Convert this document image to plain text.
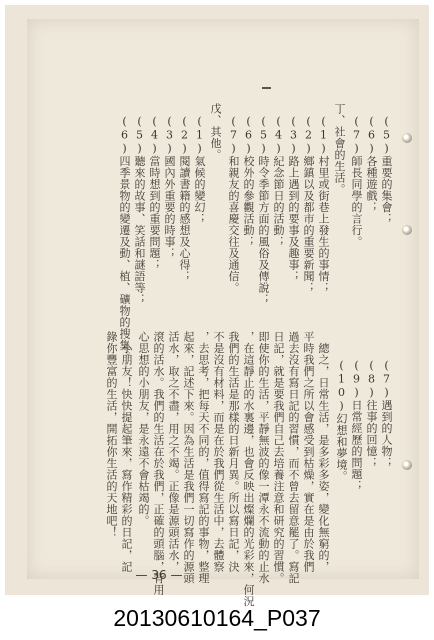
(5)重要的集會；
(6)各種遊戲；
(7)師長同學的言行。
丁、社會的生活。
(1)村里或街巷上發生的事情；
(2)鄉鎮以及都市的重要新聞；
(3)路上遇到的要事及趣事；
(4)紀念節日的活動；
(5)時令季節方面的風俗及傳說；
(6)校外的參觀活動；
(7)和親友的喜慶交往及通信。
戊、其他。
(1)氣候的變幻；
(2)閱讀書籍的感想及心得；
(3)國內外重要的時事；
(4)當時想到的重要問題；
(5)聽來的故事、笑話和謎語等；
(6)四季景物的變遷及動、植、礦物的搜集。
(7)遇到的人物；
(8)往事的回憶；
(9)日常經歷的問題；
(10)幻想和夢境。
　總之，日常生活，是多彩多姿，變化無窮的，
平時我們之所以會感受到枯燥，實在是由於我們
過去沒有寫日記的習慣，而不曾去留意罷了。寫記
日記，就是要我們自己去培養注意和研究的習慣。
即使你的生活，平靜無波的像一潭永不流動的止水
，在這靜止的水裏邊，也會反映出燦爛的光彩來，何況
我們的生活是那樣的日新月異。所以寫日記，決
不是沒有材料，而是在於我們從生活中，去體察
，去思考，把每天不同的，值得寫記的事物，整理
起來，記述下來。因為生活是我們一切寫作的源頭
活水，取之不盡，用之不竭。正像是源頭活水，
滾的活水。我們的生活在於我們，正確的頭腦，背用
心思想的小朋友，是永遠不會枯竭的。
　小朋友！快快提起筆來，寫作精彩的日記，記
錄你豐富的生活，開拓你生活的天地吧！
— 36 —
20130610164_P037
